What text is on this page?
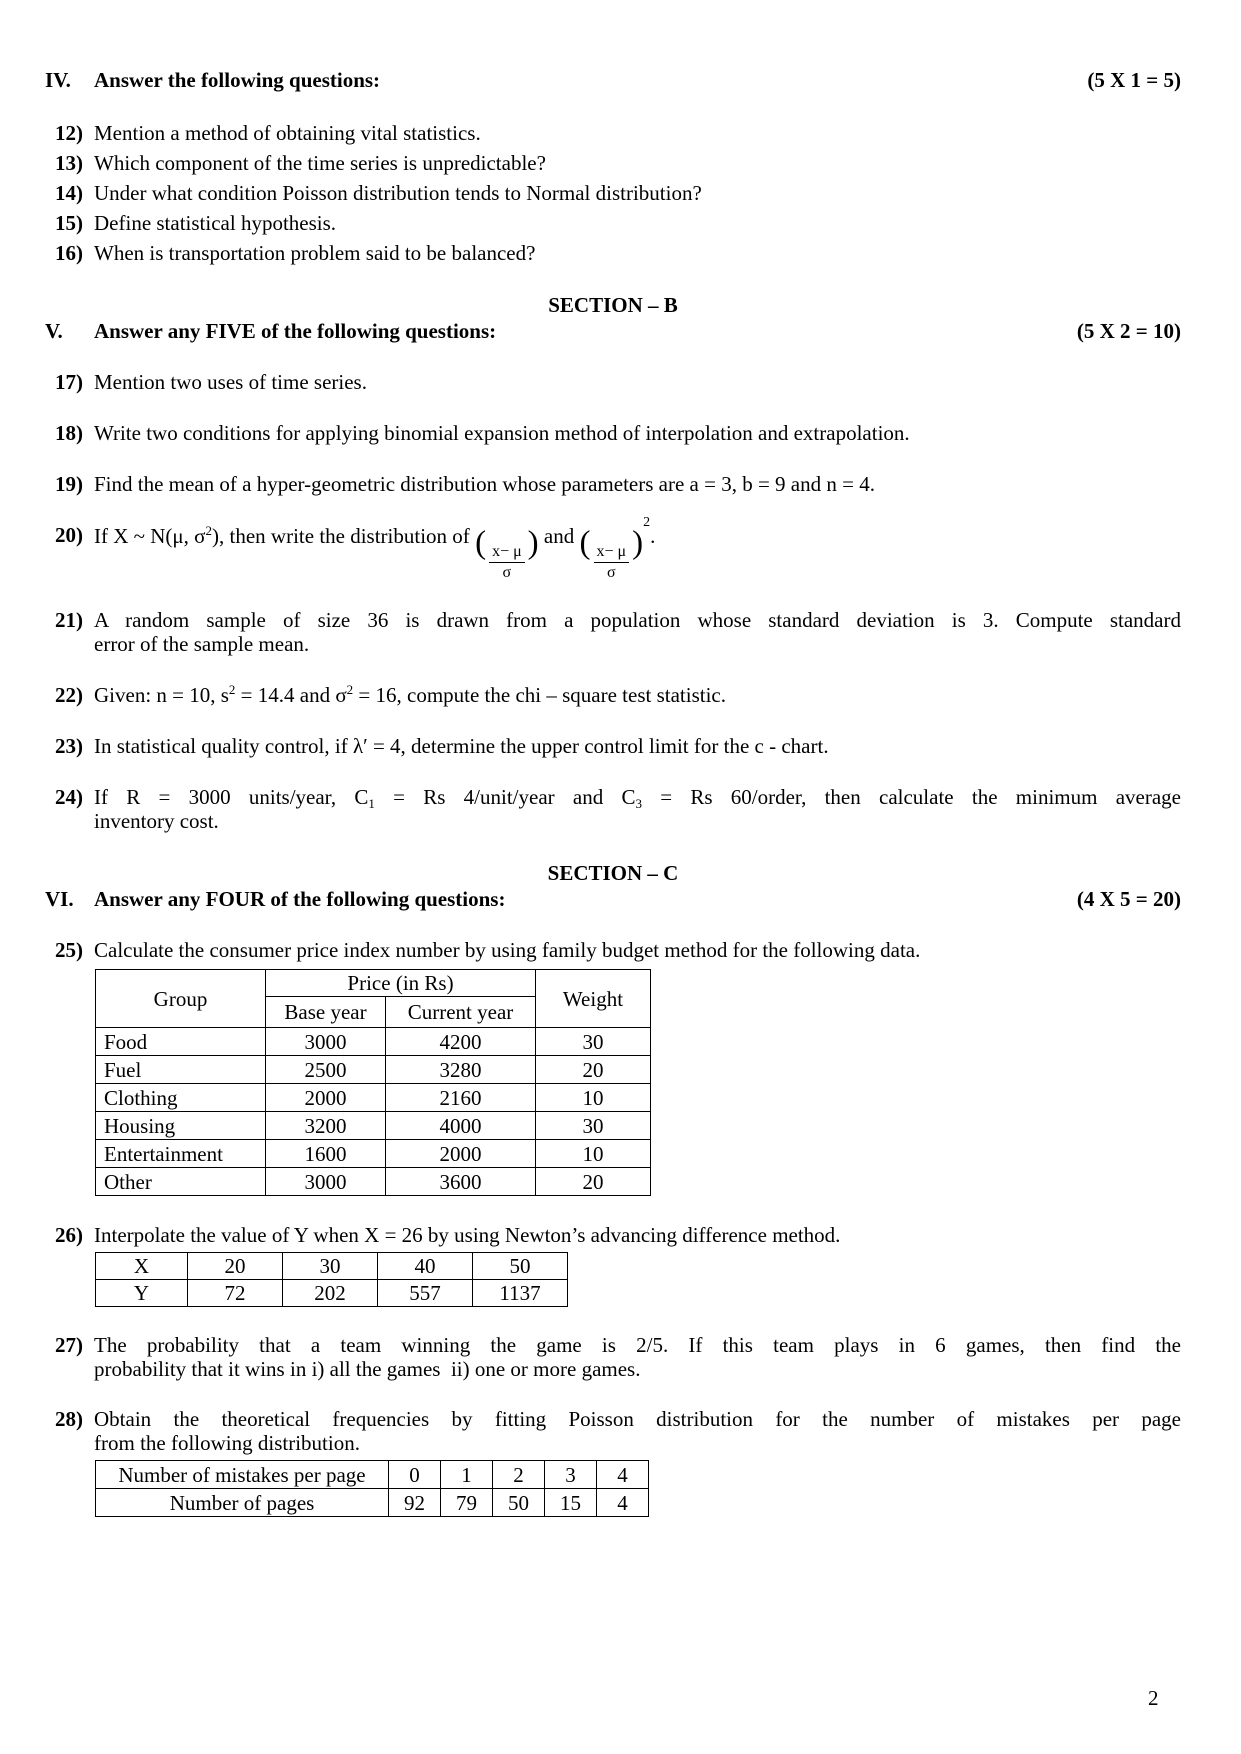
IV.	Answer the following questions:	(5 X 1 = 5)
12) Mention a method of obtaining vital statistics.
13) Which component of the time series is unpredictable?
14) Under what condition Poisson distribution tends to Normal distribution?
15) Define statistical hypothesis.
16) When is transportation problem said to be balanced?
SECTION – B
V.	Answer any FIVE of the following questions:	(5 X 2 = 10)
17) Mention two uses of time series.
18) Write two conditions for applying binomial expansion method of interpolation and extrapolation.
19) Find the mean of a hyper-geometric distribution whose parameters are a = 3, b = 9 and n = 4.
20) If X ~ N(μ, $\sigma^2$), then write the distribution of ( $\frac{x- \mu}{\sigma}$ ) and ( $\frac{x- \mu}{\sigma} )^2$.
21) A random sample of size 36 is drawn from a population whose standard deviation is 3. Compute standard
error of the sample mean.
22) Given: n = 10, $s^2 = 14.4$ and $\sigma^2 = 16$, compute the chi – square test statistic.
23) In statistical quality control, if λ′ = 4, determine the upper control limit for the c - chart.
24) If R = 3000 units/year, $C_1 = Rs$ 4/unit/year and $C_3 = Rs$ 60/order, then calculate the minimum average
inventory cost.
SECTION – C
VI. Answer any FOUR of the following questions:	(4 X 5 = 20)
25) Calculate the consumer price index number by using family budget method for the following data.
Group	Price (in Rs)		Weight
	Base year	Current year	
Food	3000	4200	30
Fuel	2500	3280	20
Clothing	2000	2160	10
Housing	3200	4000	30
Entertainment	1600	2000	10
Other	3000	3600	20
26) Interpolate the value of Y when X = 26 by using Newton’s advancing difference method.
X	20	30	40	50
Y	72	202	557	1137
27) The probability that a team winning the game is 2/5. If this team plays in 6 games, then find the
probability that it wins in i) all the games  ii) one or more games.
28) Obtain the theoretical frequencies by fitting Poisson distribution for the number of mistakes per page
from the following distribution.
Number of mistakes per page	0	1	2	3	4
Number of pages	92	79	50	15	4
2
